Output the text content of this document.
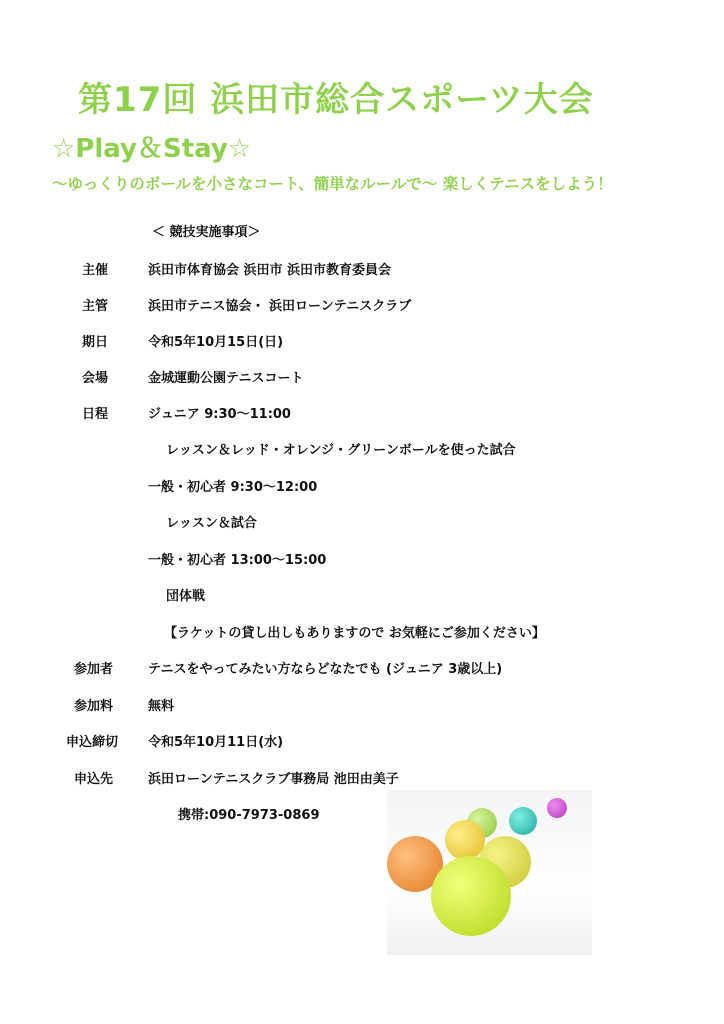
第17回 浜田市総合スポーツ大会
☆Play＆Stay☆
～ゆっくりのボールを小さなコート、簡単なルールで～ 楽しくテニスをしよう！
＜ 競技実施事項＞
主催	浜田市体育協会 浜田市 浜田市教育委員会
主管	浜田市テニス協会・ 浜田ローンテニスクラブ
期日	令和5年10月15日(日)
会場	金城運動公園テニスコート
日程	ジュニア 9:30～11:00
レッスン＆レッド・オレンジ・グリーンボールを使った試合
一般・初心者 9:30～12:00
レッスン＆試合
一般・初心者 13:00～15:00
団体戦
【ラケットの貸し出しもありますので お気軽にご参加ください】
参加者	テニスをやってみたい方ならどなたでも (ジュニア 3歳以上)
参加料	無料
申込締切 令和5年10月11日(水)
申込先	浜田ローンテニスクラブ事務局 池田由美子
携帯:090-7973-0869
